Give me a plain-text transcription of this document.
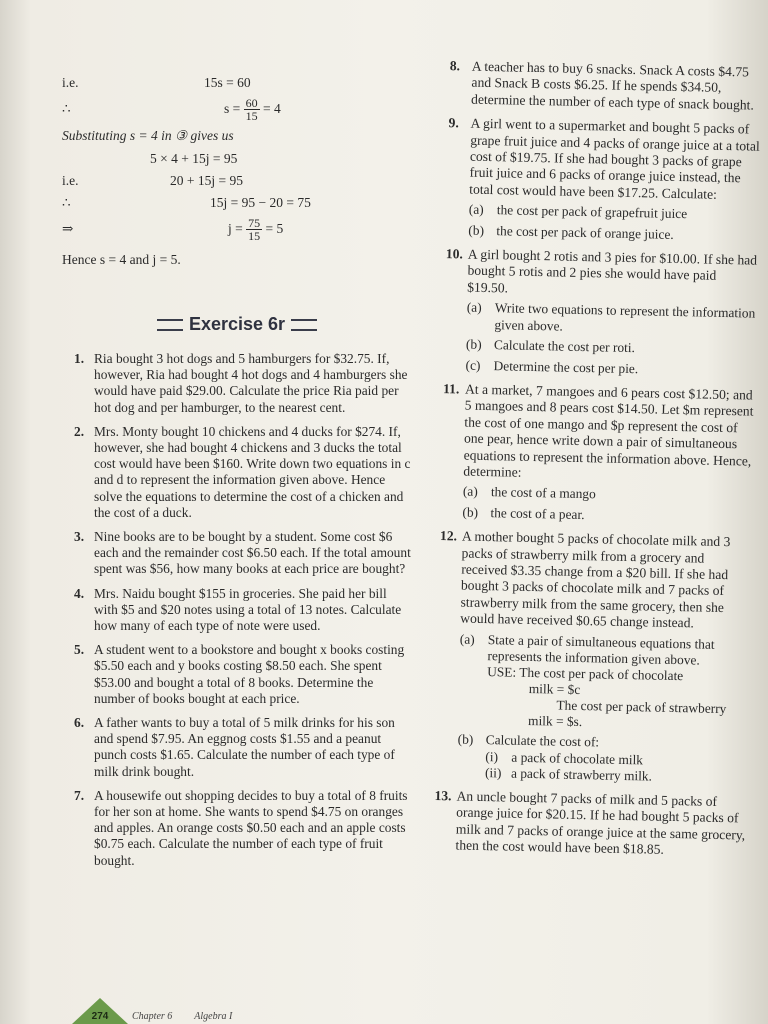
i.e.	15s = 60
∴	$s = \frac{60}{15} = 4$
Substituting s = 4 in ③ gives us
5 × 4 + 15j = 95
i.e.	20 + 15j = 95
∴	15j = 95 − 20 = 75
⇒	$j = \frac{75}{15} = 5$
Hence s = 4 and j = 5.
Exercise 6r
1. Ria bought 3 hot dogs and 5 hamburgers for $32.75. If, however, Ria had bought 4 hot dogs and 4 hamburgers she would have paid $29.00. Calculate the price Ria paid per hot dog and per hamburger, to the nearest cent.
2. Mrs. Monty bought 10 chickens and 4 ducks for $274. If, however, she had bought 4 chickens and 3 ducks the total cost would have been $160. Write down two equations in c and d to represent the information given above. Hence solve the equations to determine the cost of a chicken and the cost of a duck.
3. Nine books are to be bought by a student. Some cost $6 each and the remainder cost $6.50 each. If the total amount spent was $56, how many books at each price are bought?
4. Mrs. Naidu bought $155 in groceries. She paid her bill with $5 and $20 notes using a total of 13 notes. Calculate how many of each type of note were used.
5. A student went to a bookstore and bought x books costing $5.50 each and y books costing $8.50 each. She spent $53.00 and bought a total of 8 books. Determine the number of books bought at each price.
6. A father wants to buy a total of 5 milk drinks for his son and spend $7.95. An eggnog costs $1.55 and a peanut punch costs $1.65. Calculate the number of each type of milk drink bought.
7. A housewife out shopping decides to buy a total of 8 fruits for her son at home. She wants to spend $4.75 on oranges and apples. An orange costs $0.50 each and an apple costs $0.75 each. Calculate the number of each type of fruit bought.
8. A teacher has to buy 6 snacks. Snack A costs $4.75 and Snack B costs $6.25. If he spends $34.50, determine the number of each type of snack bought.
9. A girl went to a supermarket and bought 5 packs of grape fruit juice and 4 packs of orange juice at a total cost of $19.75. If she had bought 3 packs of grape fruit juice and 6 packs of orange juice instead, the total cost would have been $17.25. Calculate:
(a) the cost per pack of grapefruit juice
(b) the cost per pack of orange juice.
10. A girl bought 2 rotis and 3 pies for $10.00. If she had bought 5 rotis and 2 pies she would have paid $19.50.
(a) Write two equations to represent the information given above.
(b) Calculate the cost per roti.
(c) Determine the cost per pie.
11. At a market, 7 mangoes and 6 pears cost $12.50; and 5 mangoes and 8 pears cost $14.50. Let $m represent the cost of one mango and $p represent the cost of one pear, hence write down a pair of simultaneous equations to represent the information above. Hence, determine:
(a) the cost of a mango
(b) the cost of a pear.
12. A mother bought 5 packs of chocolate milk and 3 packs of strawberry milk from a grocery and received $3.35 change from a $20 bill. If she had bought 3 packs of chocolate milk and 7 packs of strawberry milk from the same grocery, then she would have received $0.65 change instead.
(a) State a pair of simultaneous equations that represents the information given above.
USE: The cost per pack of chocolate
milk = $c
The cost per pack of strawberry
milk = $s.
(b) Calculate the cost of:
(i) a pack of chocolate milk
(ii) a pack of strawberry milk.
13. An uncle bought 7 packs of milk and 5 packs of orange juice for $20.15. If he had bought 5 packs of milk and 7 packs of orange juice at the same grocery, then the cost would have been $18.85.
274	Chapter 6 Algebra I
